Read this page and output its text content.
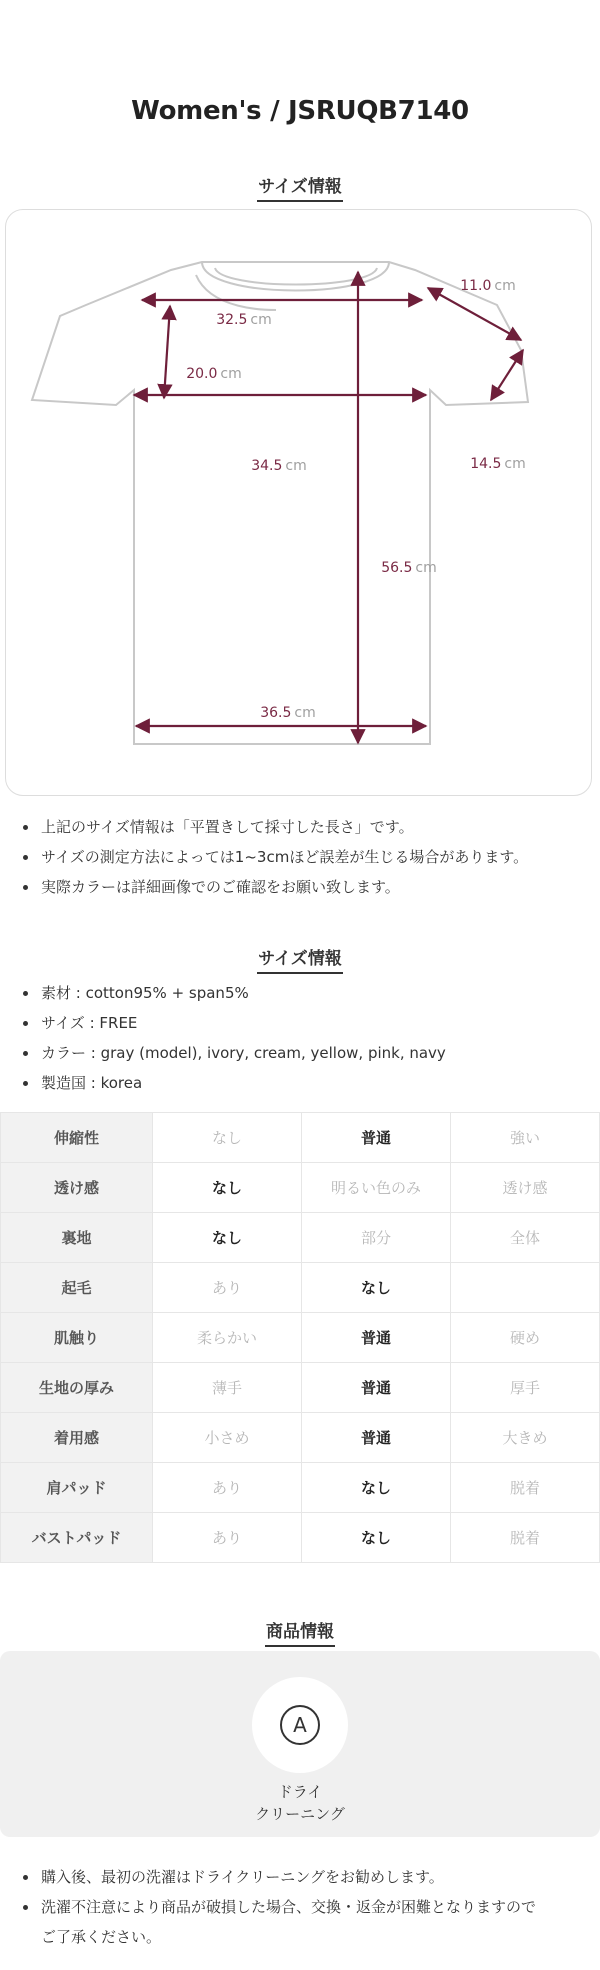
Women's / JSRUQB7140
サイズ情報
32.5 cm
11.0 cm
20.0 cm
34.5 cm	14.5 cm
56.5 cm
36.5 cm
上記のサイズ情報は「平置きして採寸した長さ」です。
サイズの測定方法によっては1~3cmほど誤差が生じる場合があります。
実際カラーは詳細画像でのご確認をお願い致します。
サイズ情報
素材 : cotton95% + span5%
サイズ : FREE
カラー : gray (model), ivory, cream, yellow, pink, navy
製造国 : korea
伸縮性	なし	普通	強い
透け感	なし	明るい色のみ	透け感
裏地	なし	部分	全体
起毛	あり	なし	
肌触り	柔らかい	普通	硬め
生地の厚み	薄手	普通	厚手
着用感	小さめ	普通	大きめ
肩パッド	あり	なし	脱着
バストパッド	あり	なし	脱着
商品情報
A
ドライ
クリーニング
購入後、最初の洗濯はドライクリーニングをお勧めします。
洗濯不注意により商品が破損した場合、交換・返金が困難となりますので
ご了承ください。
